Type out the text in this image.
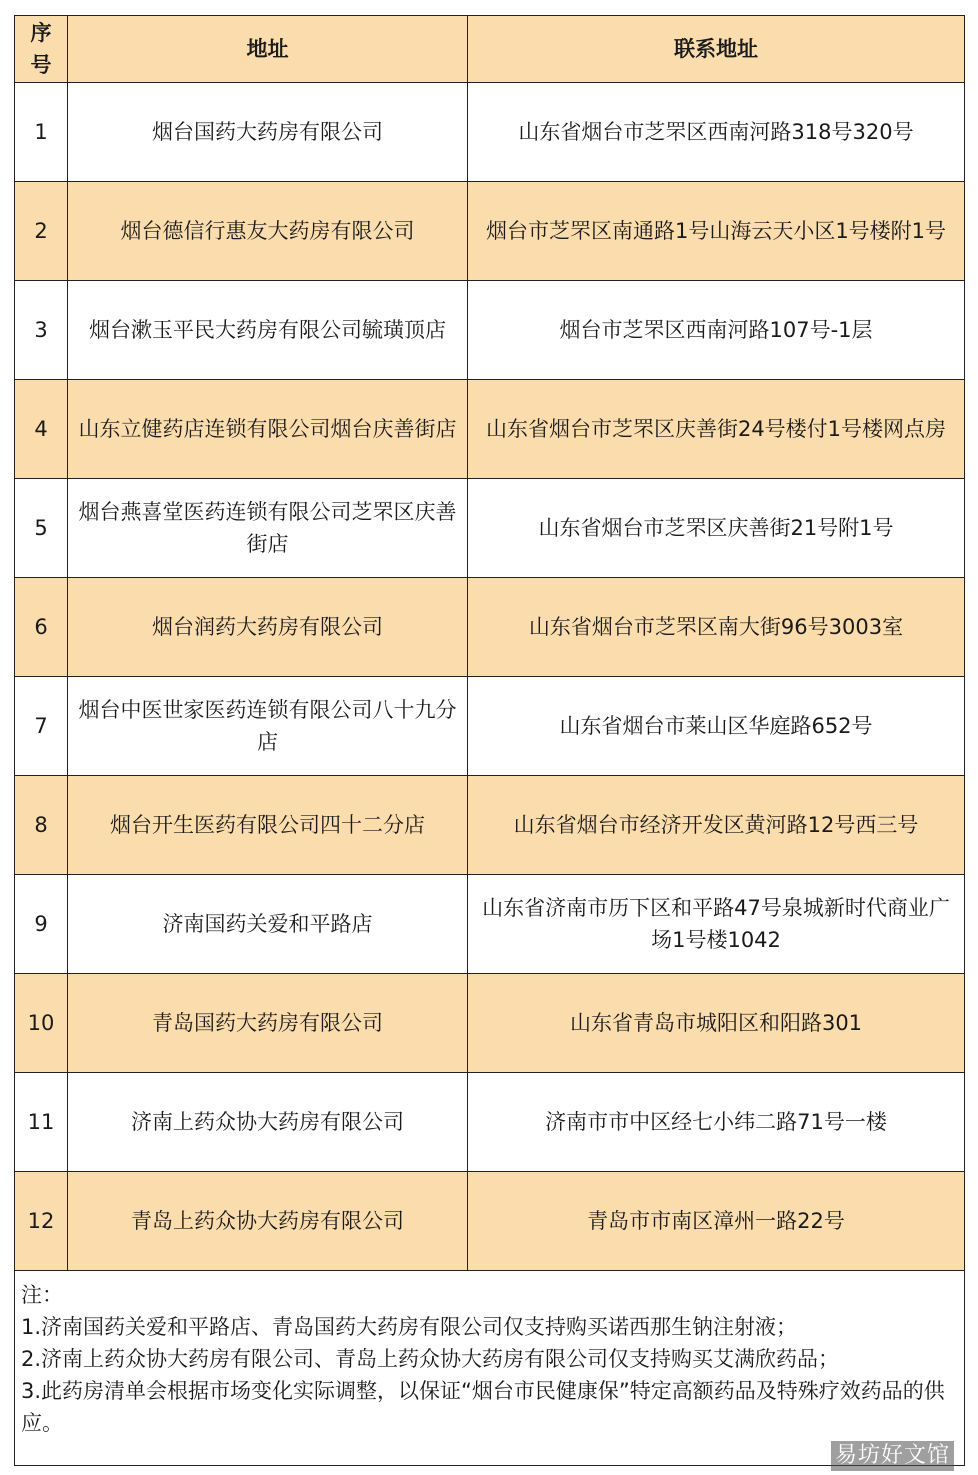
序号	地址	联系地址
1	烟台国药大药房有限公司	山东省烟台市芝罘区西南河路318号320号
2	烟台德信行惠友大药房有限公司	烟台市芝罘区南通路1号山海云天小区1号楼附1号
3	烟台漱玉平民大药房有限公司毓璜顶店	烟台市芝罘区西南河路107号-1层
4	山东立健药店连锁有限公司烟台庆善街店	山东省烟台市芝罘区庆善街24号楼付1号楼网点房
5	烟台燕喜堂医药连锁有限公司芝罘区庆善街店	山东省烟台市芝罘区庆善街21号附1号
6	烟台润药大药房有限公司	山东省烟台市芝罘区南大街96号3003室
7	烟台中医世家医药连锁有限公司八十九分店	山东省烟台市莱山区华庭路652号
8	烟台开生医药有限公司四十二分店	山东省烟台市经济开发区黄河路12号西三号
9	济南国药关爱和平路店	山东省济南市历下区和平路47号泉城新时代商业广场1号楼1042
10	青岛国药大药房有限公司	山东省青岛市城阳区和阳路301
11	济南上药众协大药房有限公司	济南市市中区经七小纬二路71号一楼
12	青岛上药众协大药房有限公司	青岛市市南区漳州一路22号

注：
1.济南国药关爱和平路店、青岛国药大药房有限公司仅支持购买诺西那生钠注射液；
2.济南上药众协大药房有限公司、青岛上药众协大药房有限公司仅支持购买艾满欣药品；
3.此药房清单会根据市场变化实际调整，以保证“烟台市民健康保”特定高额药品及特殊疗效药品的供应。		
易坊好文馆
